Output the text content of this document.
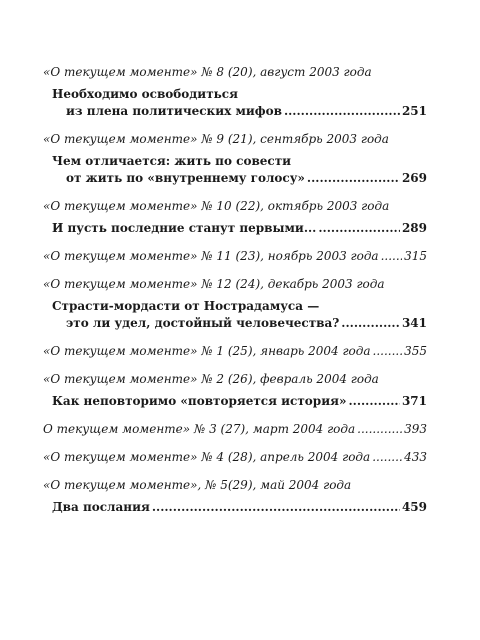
«О текущем моменте» № 8 (20), август 2003 года
Необходимо освободиться
из плена политических мифов .....	251
«О текущем моменте» № 9 (21), сентябрь 2003 года
Чем отличается: жить по совести
от жить по «внутреннему голосу» .....	269
«О текущем моменте» № 10 (22), октябрь 2003 года
И пусть последние станут первыми... .....	289
«О текущем моменте» № 11 (23), ноябрь 2003 года ..... 315
«О текущем моменте» № 12 (24), декабрь 2003 года
Страсти-мордасти от Нострадамуса —
это ли удел, достойный человечества? .....	341
«О текущем моменте» № 1 (25), январь 2004 года .....	355
«О текущем моменте» № 2 (26), февраль 2004 года
Как неповторимо «повторяется история» .....	371
О текущем моменте» № 3 (27), март 2004 года .....	393
«О текущем моменте» № 4 (28), апрель 2004 года .....	433
«О текущем моменте», № 5(29), май 2004 года
Два послания .....	459
